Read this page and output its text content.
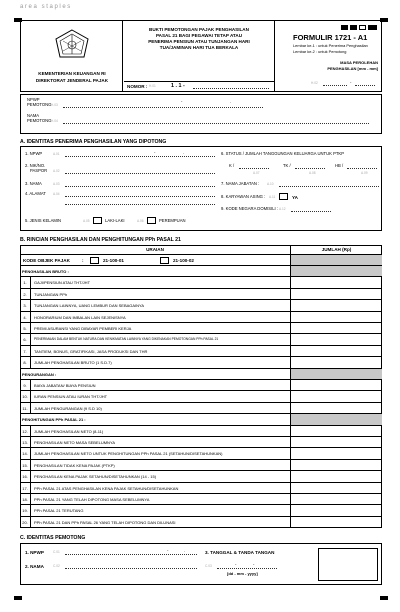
area staples
KEMENTERIAN KEUANGAN RI
DIREKTORAT JENDERAL PAJAK
BUKTI PEMOTONGAN PAJAK PENGHASILAN
PASAL 21 BAGI PEGAWAI TETAP ATAU
PENERIMA PENSIUN ATAU TUNJANGAN HARI
TUA/JAMINAN HARI TUA BERKALA
FORMULIR 1721 - A1
Lembar ke-1 : untuk Penerima Penghasilan
Lembar ke-2 : untuk Pemotong
MASA PEROLEHAN
PENGHASILAN [mm - mm]
H.02	-
NOMOR : H.01	1 . 1 -
NPWP
PEMOTONG H.03
-	.
NAMA
PEMOTONG H.04
A. IDENTITAS PENERIMA PENGHASILAN YANG DIPOTONG
1. NPWP	A.01	-	.
2. NIK/NO.
PASPOR A.02
3. NAMA	A.03
4. ALAMAT A.04
5. JENIS KELAMIN	A.05	LAKI-LAKI	A.06	PEREMPUAN
6. STATUS / JUMLAH TANGGUNGAN KELUARGA UNTUK PTKP
K /
A.07
TK /
A.08
HB /
A.09
7. NAMA JABATAN : A.10
8. KARYAWAN ASING : A.11	YA
9. KODE NEGARA DOMISILI : A.12
B. RINCIAN PENGHASILAN DAN PENGHITUNGAN PPh PASAL 21
URAIAN	JUMLAH (Rp)
KODE OBJEK PAJAK	:	21-100-01	21-100-02
PENGHASILAN BRUTO :
1.	GAJI/PENSIUN ATAU THT/JHT
2.	TUNJANGAN PPh
3.	TUNJANGAN LAINNYA, UANG LEMBUR DAN SEBAGAINYA
4.	HONORARIUM DAN IMBALAN LAIN SEJENISNYA
5.	PREMI ASURANSI YANG DIBAYAR PEMBERI KERJA
6.	PENERIMAAN DALAM BENTUK NATURA DAN KENIKMATAN LAINNYA YANG DIKENAKAN PEMOTONGAN PPh PASAL 21
7.	TANTIEM, BONUS, GRATIFIKASI, JASA PRODUKSI DAN THR
8.	JUMLAH PENGHASILAN BRUTO (1 S.D.7)
PENGURANGAN :
9.	BIAYA JABATAN/ BIAYA PENSIUN
10.	IURAN PENSIUN ATAU IURAN THT/JHT
11.	JUMLAH PENGURANGAN (9 S.D 10)
PENGHITUNGAN PPh PASAL 21 :
12.	JUMLAH PENGHASILAN NETO (8-11)
13.	PENGHASILAN NETO MASA SEBELUMNYA
14.	JUMLAH PENGHASILAN NETO UNTUK PENGHITUNGAN PPh PASAL 21 (SETAHUN/DISETAHUNKAN)
15.	PENGHASILAN TIDAK KENA PAJAK (PTKP)
16.	PENGHASILAN KENA PAJAK SETAHUN/DISETAHUNKAN (14 - 15)
17.	PPh PASAL 21 ATAS PENGHASILAN KENA PAJAK SETAHUN/DISETAHUNKAN
18.	PPh PASAL 21 YANG TELAH DIPOTONG MASA SEBELUMNYA
19.	PPh PASAL 21 TERUTANG
20.	PPh PASAL 21 DAN PPh PASAL 26 YANG TELAH DIPOTONG DAN DILUNASI
C. IDENTITAS PEMOTONG
1. NPWP	C.01	-	.
2. NAMA	C.02
3. TANGGAL & TANDA TANGAN
C.03	-	-
[dd - mm - yyyy]
